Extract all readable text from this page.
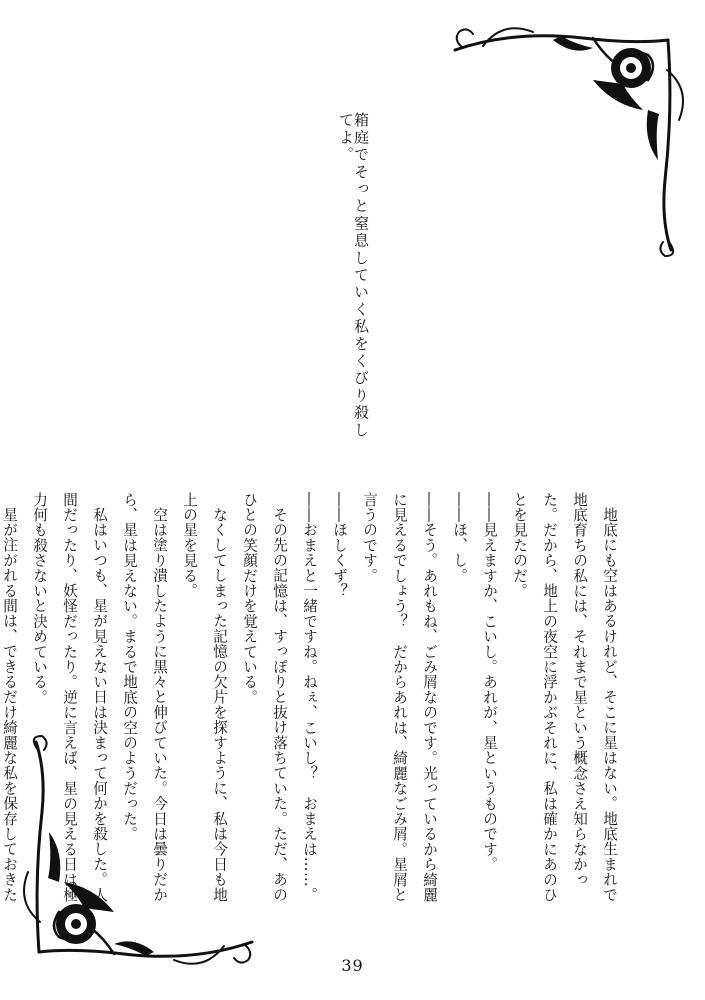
箱庭でそっと窒息していく私をくびり殺してよ。

地底にも空はあるけれど、そこに星はない。地底生まれで地底育ちの私には、それまで星という概念さえ知らなかった。だから、地上の夜空に浮かぶそれに、私は確かにあのひとを見たのだ。

――見えますか、こいし。あれが、星というものです。

――ほ、し。

――そう。あれもね、ごみ屑なのです。光っているから綺麗に見えるでしょう？　だからあれは、綺麗なごみ屑。星屑と言うのです。

――ほしくず？

――おまえと一緒ですね。ねぇ、こいし？　おまえは……。

その先の記憶は、すっぽりと抜け落ちていた。ただ、あのひとの笑顔だけを覚えている。

なくしてしまった記憶の欠片を探すように、私は今日も地上の星を見る。

空は塗り潰したように黒々と伸びていた。今日は曇りだから、星は見えない。まるで地底の空のようだった。

私はいつも、星が見えない日は決まって何かを殺した。人間だったり、妖怪だったり。逆に言えば、星の見える日は極力何も殺さないと決めている。

星が注がれる間は、できるだけ綺麗な私を保存しておきた

39
